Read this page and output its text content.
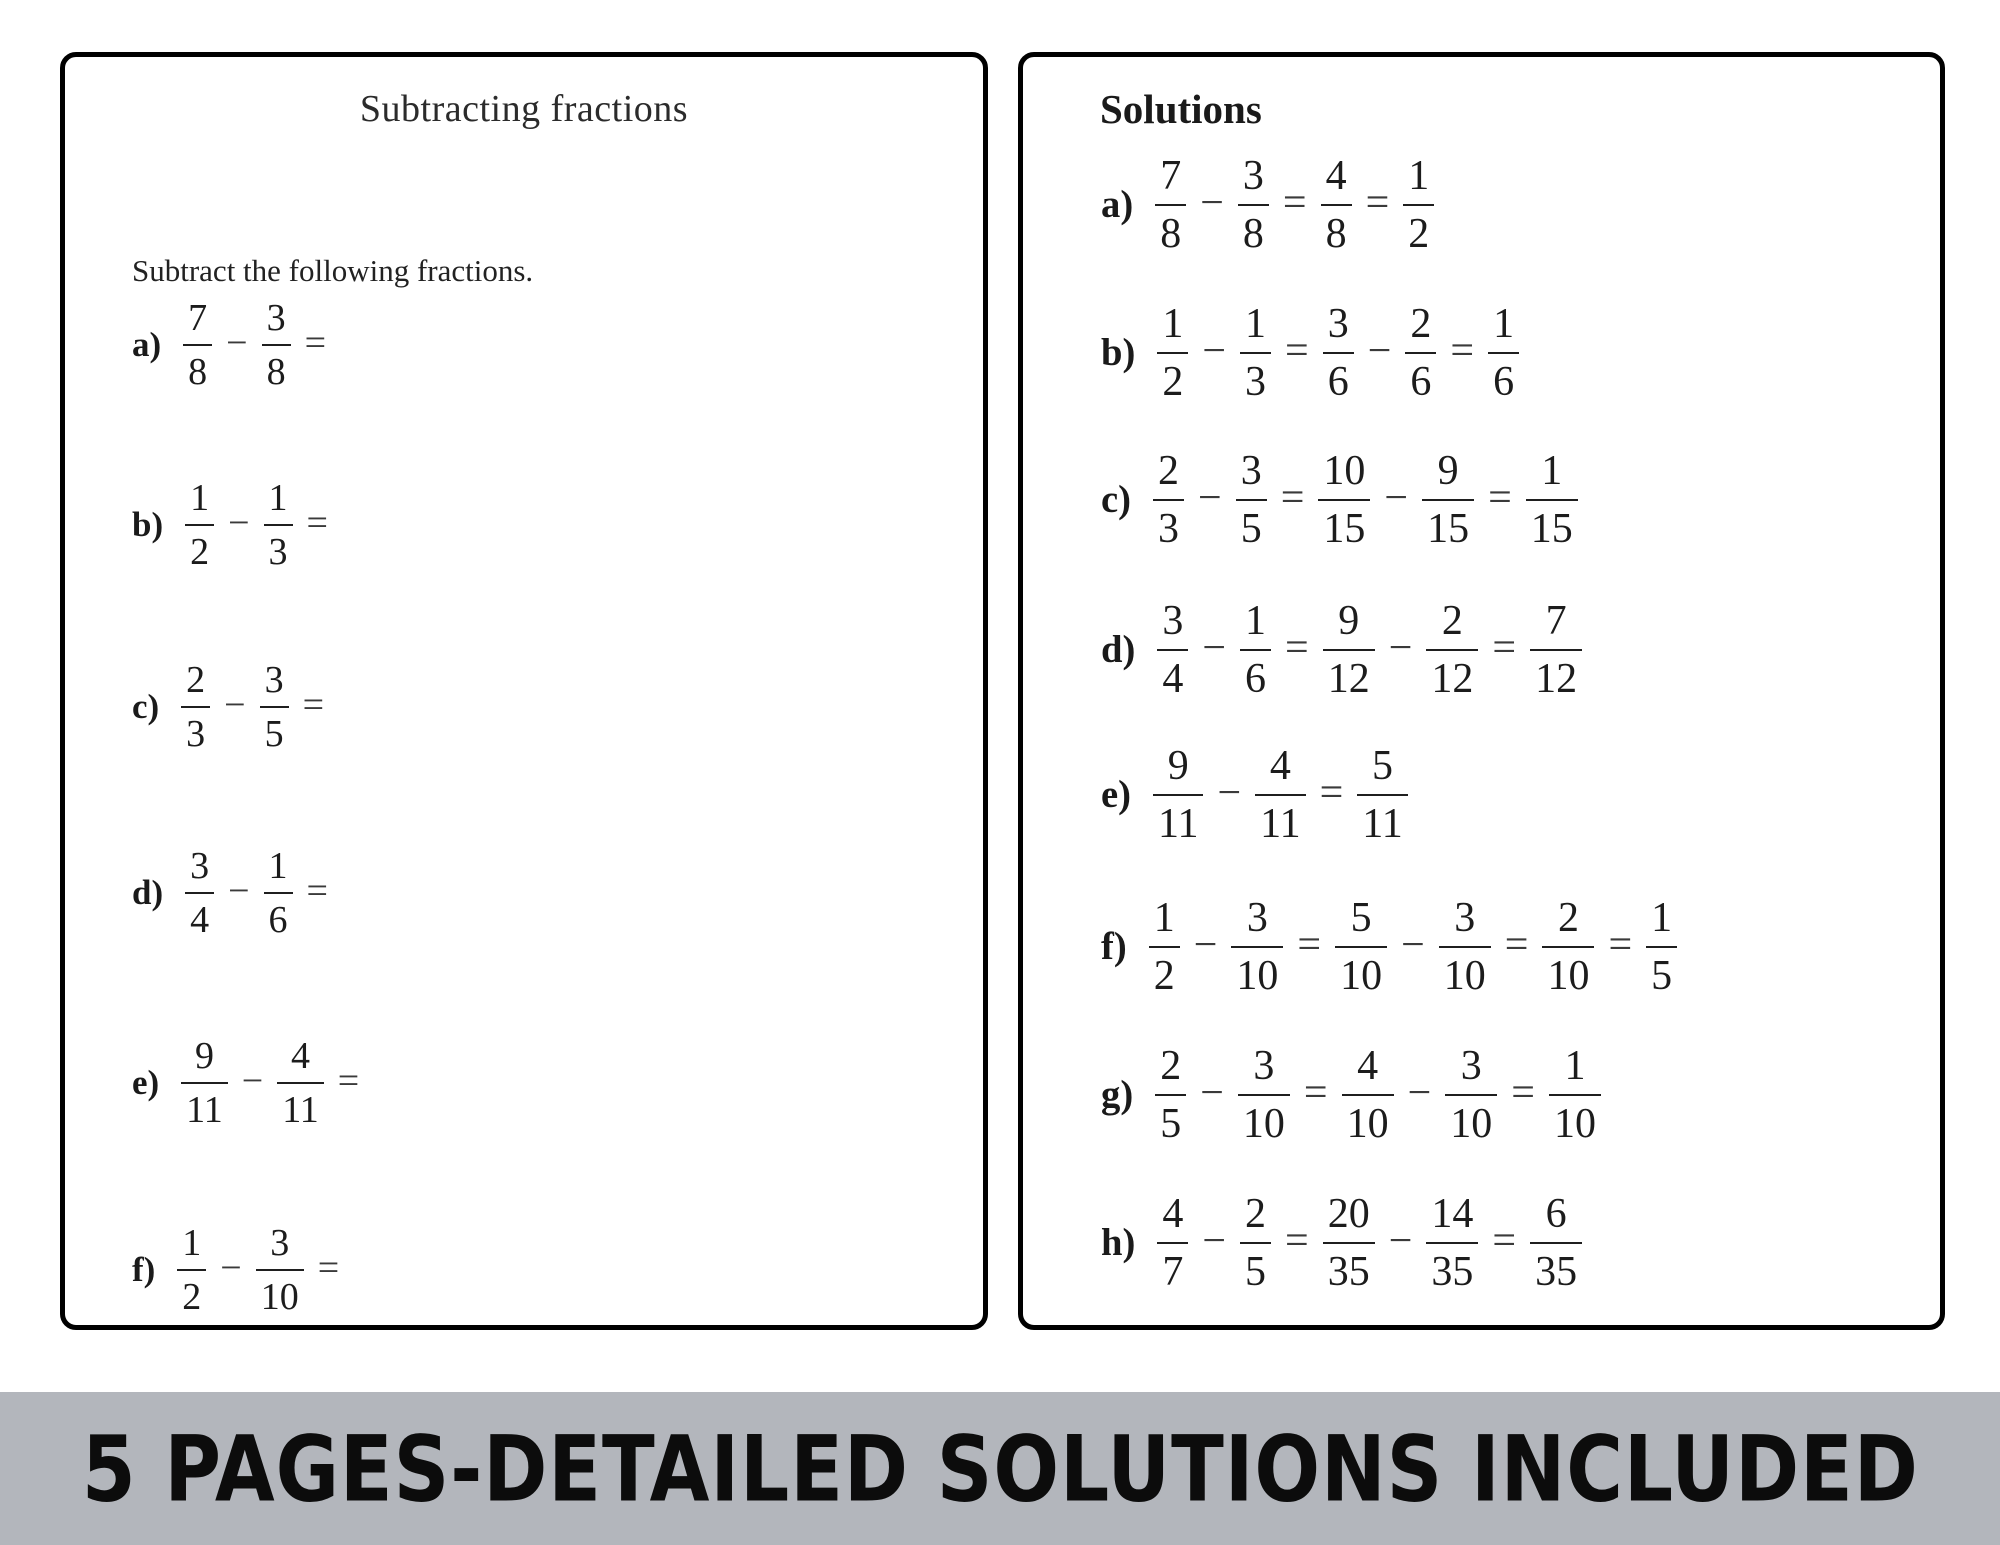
Subtracting fractions
Subtract the following fractions.
$a) \frac{7}{8} - \frac{3}{8}$ =
$b) \frac{1}{2} - \frac{1}{3}$ =
$c) \frac{2}{3} - \frac{3}{5}$ =
$d) \frac{3}{4} - \frac{1}{6}$ =
$e) \frac{9}{11} - \frac{4}{11}$ =
$f) \frac{1}{2} - \frac{3}{10}$ =
Solutions
$a) \frac{7}{8} - \frac{3}{8} = \frac{4}{8} = \frac{1}{2}$
$b) \frac{1}{2} - \frac{1}{3} = \frac{3}{6} - \frac{2}{6} = \frac{1}{6}$
$c) \frac{2}{3} - \frac{3}{5} = \frac{10}{15} - \frac{9}{15} = \frac{1}{15}$
$d) \frac{3}{4} - \frac{1}{6} = \frac{9}{12} - \frac{2}{12} = \frac{7}{12}$
$e) \frac{9}{11} - \frac{4}{11} = \frac{5}{11}$
$f) \frac{1}{2} - \frac{3}{10} = \frac{5}{10} - \frac{3}{10} = \frac{2}{10} = \frac{1}{5}$
$g) \frac{2}{5} - \frac{3}{10} = \frac{4}{10} - \frac{3}{10} = \frac{1}{10}$
$h) \frac{4}{7} - \frac{2}{5} = \frac{20}{35} - \frac{14}{35} = \frac{6}{35}$
5 PAGES-DETAILED SOLUTIONS INCLUDED
